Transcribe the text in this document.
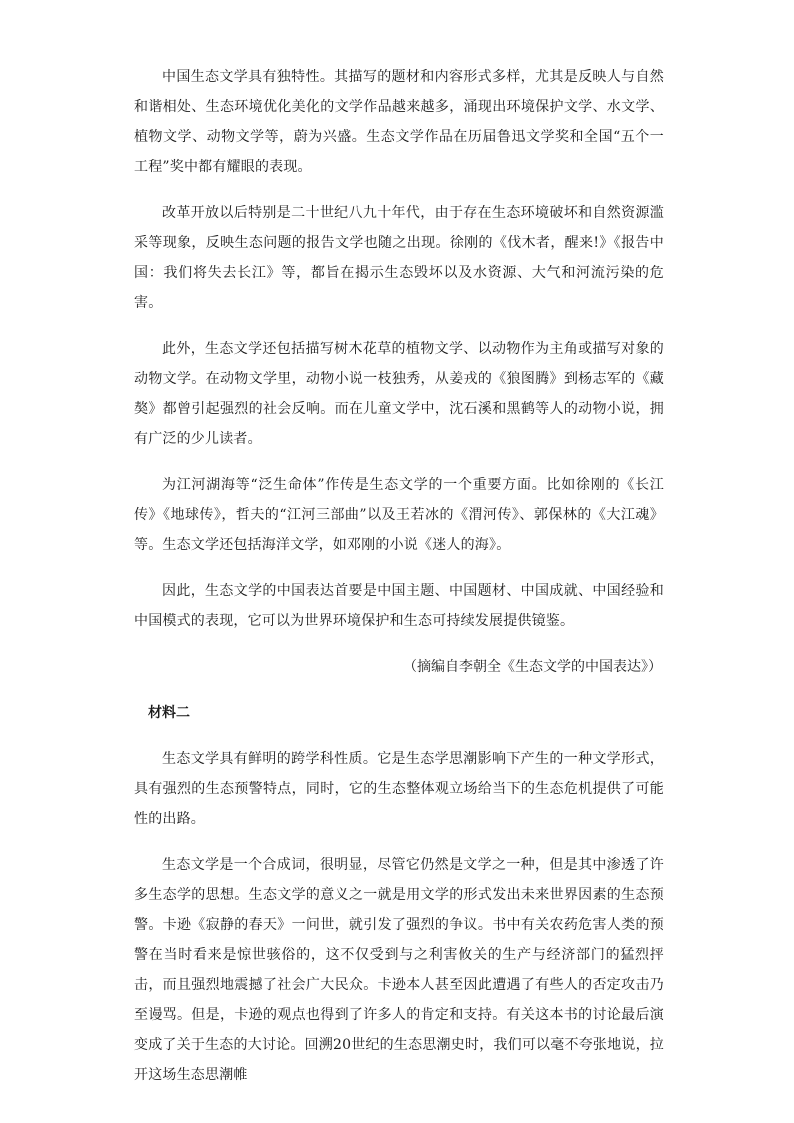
中国生态文学具有独特性。其描写的题材和内容形式多样，尤其是反映人与自然和谐相处、生态环境优化美化的文学作品越来越多，涌现出环境保护文学、水文学、植物文学、动物文学等，蔚为兴盛。生态文学作品在历届鲁迅文学奖和全国“五个一工程”奖中都有耀眼的表现。

改革开放以后特别是二十世纪八九十年代，由于存在生态环境破坏和自然资源滥采等现象，反映生态问题的报告文学也随之出现。徐刚的《伐木者，醒来!》《报告中国：我们将失去长江》等，都旨在揭示生态毁坏以及水资源、大气和河流污染的危害。

此外，生态文学还包括描写树木花草的植物文学、以动物作为主角或描写对象的动物文学。在动物文学里，动物小说一枝独秀，从姜戎的《狼图腾》到杨志军的《藏獒》都曾引起强烈的社会反响。而在儿童文学中，沈石溪和黑鹤等人的动物小说，拥有广泛的少儿读者。

为江河湖海等“泛生命体”作传是生态文学的一个重要方面。比如徐刚的《长江传》《地球传》，哲夫的“江河三部曲”以及王若冰的《渭河传》、郭保林的《大江魂》等。生态文学还包括海洋文学，如邓刚的小说《迷人的海》。

因此，生态文学的中国表达首要是中国主题、中国题材、中国成就、中国经验和中国模式的表现，它可以为世界环境保护和生态可持续发展提供镜鉴。

（摘编自李朝全《生态文学的中国表达》）

材料二

生态文学具有鲜明的跨学科性质。它是生态学思潮影响下产生的一种文学形式，具有强烈的生态预警特点，同时，它的生态整体观立场给当下的生态危机提供了可能性的出路。

生态文学是一个合成词，很明显，尽管它仍然是文学之一种，但是其中渗透了许多生态学的思想。生态文学的意义之一就是用文学的形式发出未来世界因素的生态预警。卡逊《寂静的春天》一问世，就引发了强烈的争议。书中有关农药危害人类的预警在当时看来是惊世骇俗的，这不仅受到与之利害攸关的生产与经济部门的猛烈抨击，而且强烈地震撼了社会广大民众。卡逊本人甚至因此遭遇了有些人的否定攻击乃至谩骂。但是，卡逊的观点也得到了许多人的肯定和支持。有关这本书的讨论最后演变成了关于生态的大讨论。回溯20世纪的生态思潮史时，我们可以毫不夸张地说，拉开这场生态思潮帷
